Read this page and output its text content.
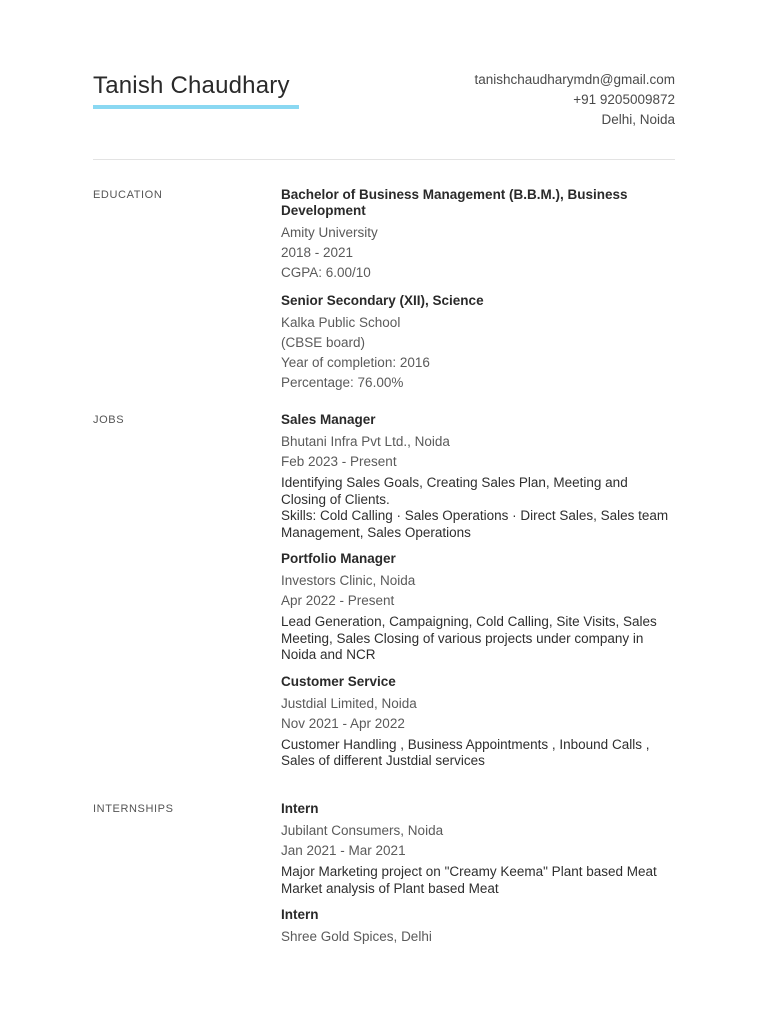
Tanish Chaudhary	tanishchaudharymdn@gmail.com
+91 9205009872
Delhi, Noida
EDUCATION	Bachelor of Business Management (B.B.M.), Business Development
Amity University
2018 - 2021
CGPA: 6.00/10
Senior Secondary (XII), Science
Kalka Public School
(CBSE board)
Year of completion: 2016
Percentage: 76.00%
JOBS	Sales Manager
Bhutani Infra Pvt Ltd., Noida
Feb 2023 - Present
Identifying Sales Goals, Creating Sales Plan, Meeting and Closing of Clients.
Skills: Cold Calling · Sales Operations · Direct Sales, Sales team Management, Sales Operations
Portfolio Manager
Investors Clinic, Noida
Apr 2022 - Present
Lead Generation, Campaigning, Cold Calling, Site Visits, Sales Meeting, Sales Closing of various projects under company in Noida and NCR
Customer Service
Justdial Limited, Noida
Nov 2021 - Apr 2022
Customer Handling , Business Appointments , Inbound Calls , Sales of different Justdial services
INTERNSHIPS	Intern
Jubilant Consumers, Noida
Jan 2021 - Mar 2021
Major Marketing project on "Creamy Keema" Plant based Meat
Market analysis of Plant based Meat
Intern
Shree Gold Spices, Delhi
